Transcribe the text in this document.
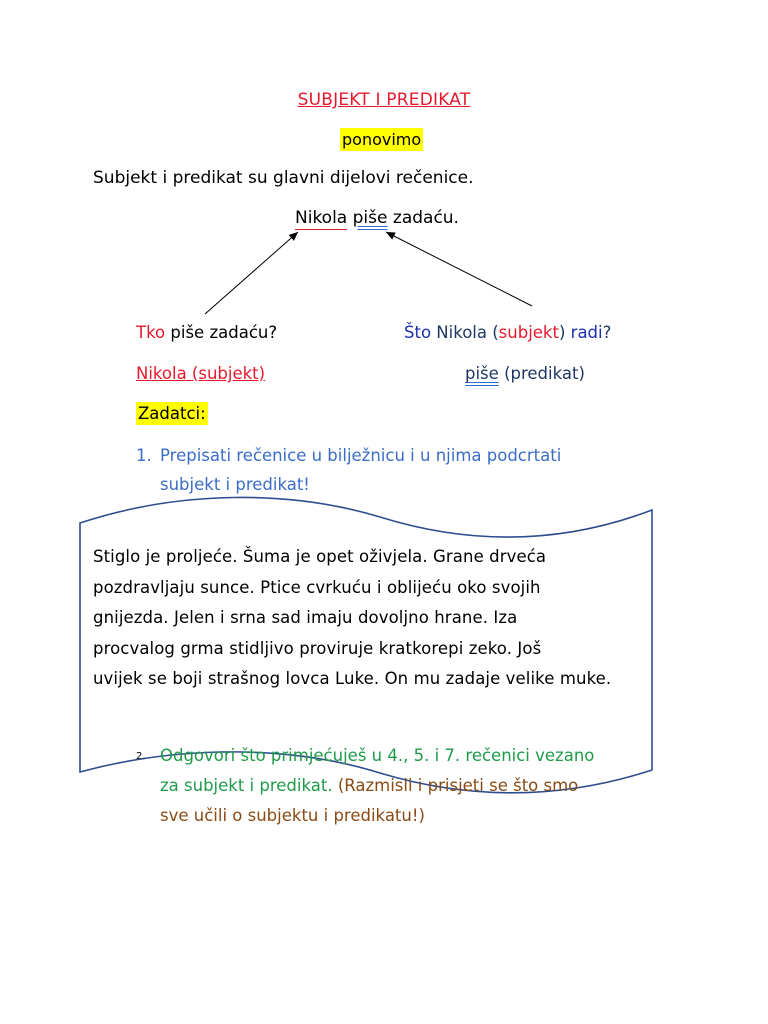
SUBJEKT I PREDIKAT
ponovimo
Subjekt i predikat su glavni dijelovi rečenice.
Nikola piše zadaću.
Tko piše zadaću?	Što Nikola (subjekt) radi?
Nikola (subjekt)	piše (predikat)
Zadatci:
1. Prepisati rečenice u bilježnicu i u njima podcrtati
subjekt i predikat!
Stiglo je proljeće. Šuma je opet oživjela. Grane drveća
pozdravljaju sunce. Ptice cvrkuću i oblijeću oko svojih
gnijezda. Jelen i srna sad imaju dovoljno hrane. Iza
procvalog grma stidljivo proviruje kratkorepi zeko. Još
uvijek se boji strašnog lovca Luke. On mu zadaje velike muke.
2. Odgovori što primjećuješ u 4., 5. i 7. rečenici vezano
za subjekt i predikat. (Razmisli i prisjeti se što smo
sve učili o subjektu i predikatu!)
